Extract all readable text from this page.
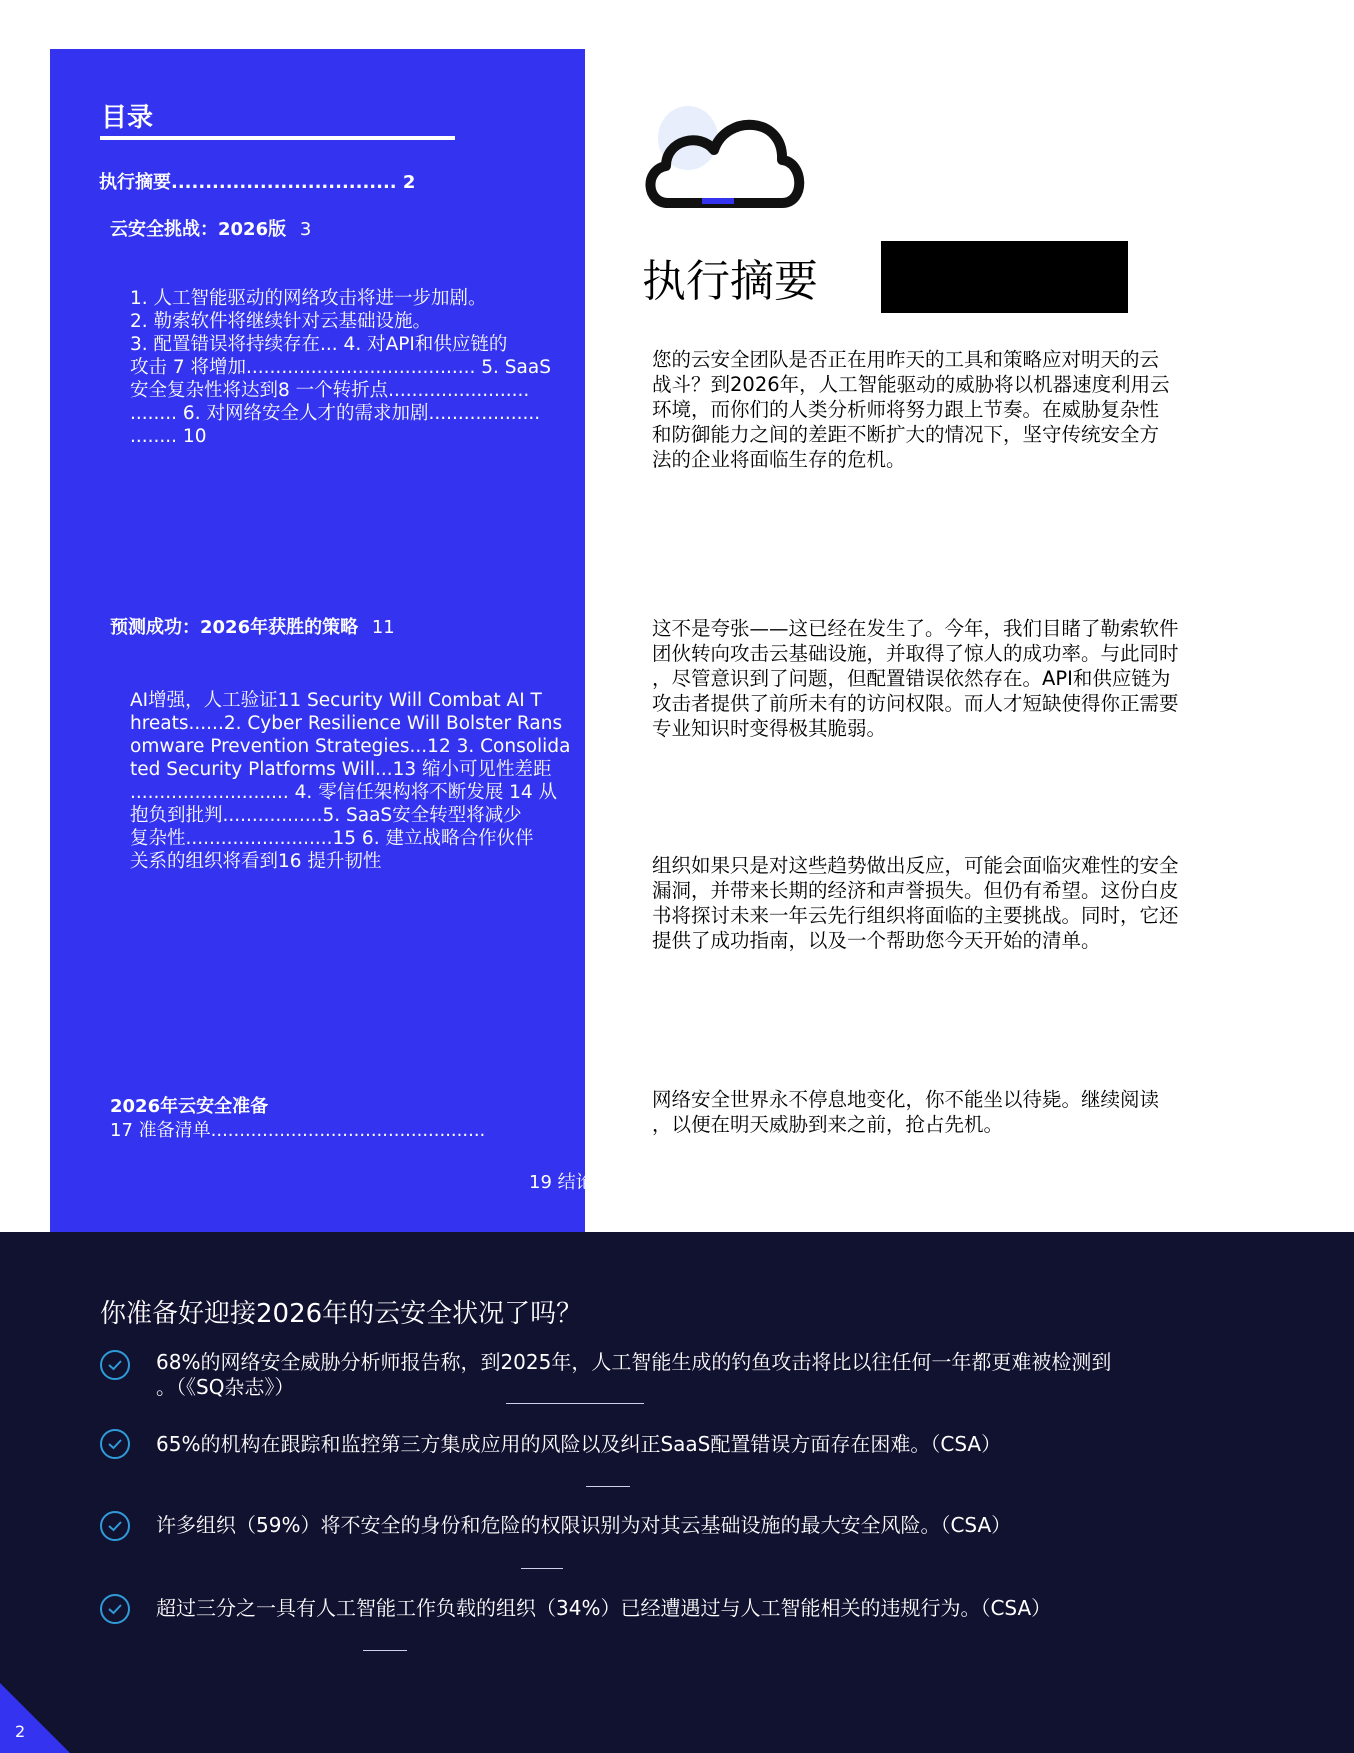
目录
执行摘要................................. 2
云安全挑战：2026版 3
1. 人工智能驱动的网络攻击将进一步加剧。
2. 勒索软件将继续针对云基础设施。
3. 配置错误将持续存在... 4. 对API和供应链的
攻击 7 将增加....................................... 5. SaaS
安全复杂性将达到8 一个转折点........................
........ 6. 对网络安全人才的需求加剧...................
........ 10
预测成功：2026年获胜的策略 11
AI增强，人工验证11 Security Will Combat AI T
hreats......2. Cyber Resilience Will Bolster Rans
omware Prevention Strategies...12 3. Consolida
ted Security Platforms Will...13 缩小可见性差距
........................... 4. 零信任架构将不断发展 14 从
抱负到批判.................5. SaaS安全转型将减少
复杂性.........................15 6. 建立战略合作伙伴
关系的组织将看到16 提升韧性
2026年云安全准备
17 准备清单................................................
19 结论
执行摘要
您的云安全团队是否正在用昨天的工具和策略应对明天的云
战斗？到2026年，人工智能驱动的威胁将以机器速度利用云
环境，而你们的人类分析师将努力跟上节奏。在威胁复杂性
和防御能力之间的差距不断扩大的情况下，坚守传统安全方
法的企业将面临生存的危机。
这不是夸张——这已经在发生了。今年，我们目睹了勒索软件
团伙转向攻击云基础设施，并取得了惊人的成功率。与此同时
，尽管意识到了问题，但配置错误依然存在。API和供应链为
攻击者提供了前所未有的访问权限。而人才短缺使得你正需要
专业知识时变得极其脆弱。
组织如果只是对这些趋势做出反应，可能会面临灾难性的安全
漏洞，并带来长期的经济和声誉损失。但仍有希望。这份白皮
书将探讨未来一年云先行组织将面临的主要挑战。同时，它还
提供了成功指南，以及一个帮助您今天开始的清单。
网络安全世界永不停息地变化，你不能坐以待毙。继续阅读
，以便在明天威胁到来之前，抢占先机。
你准备好迎接2026年的云安全状况了吗？
68%的网络安全威胁分析师报告称，到2025年，人工智能生成的钓鱼攻击将比以往任何一年都更难被检测到
。（《SQ杂志》）
65%的机构在跟踪和监控第三方集成应用的风险以及纠正SaaS配置错误方面存在困难。（CSA）
许多组织（59%）将不安全的身份和危险的权限识别为对其云基础设施的最大安全风险。（CSA）
超过三分之一具有人工智能工作负载的组织（34%）已经遭遇过与人工智能相关的违规行为。（CSA）
2
